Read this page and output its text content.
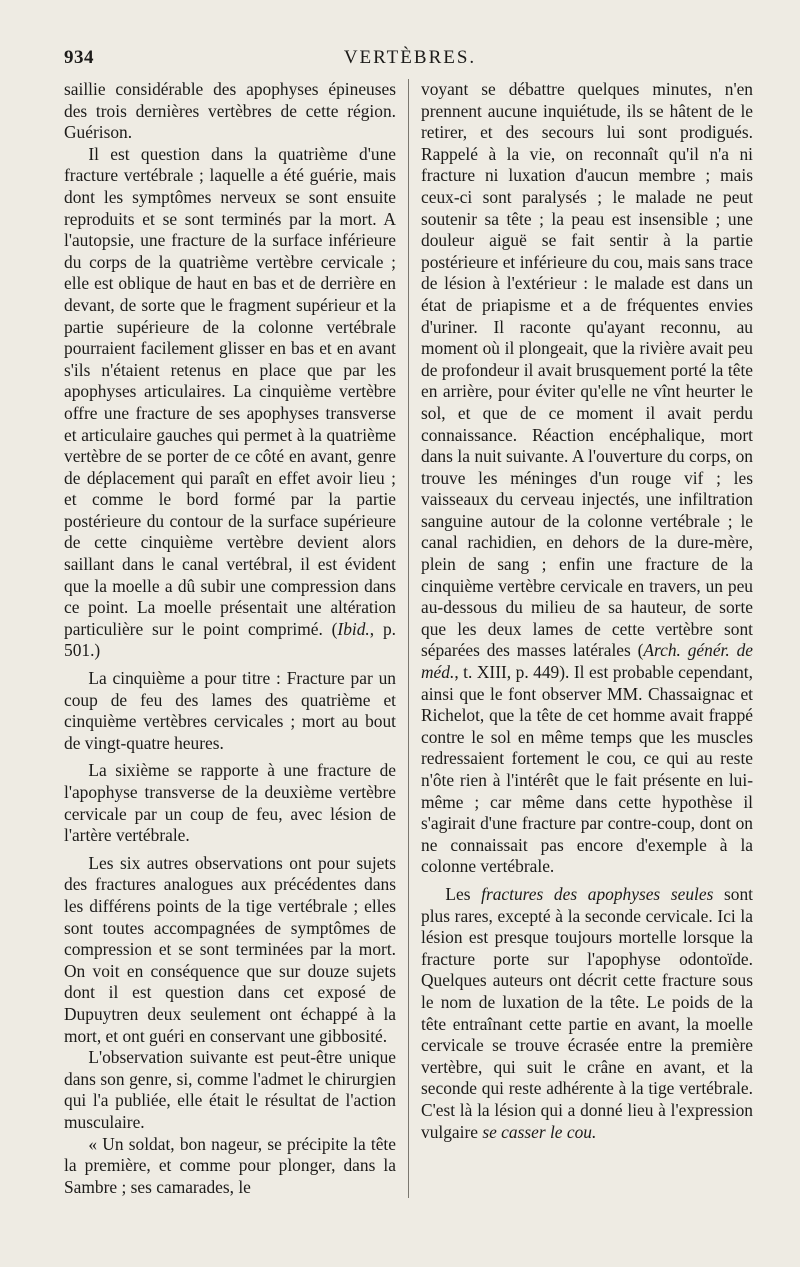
934	VERTÈBRES.

saillie considérable des apophyses épineuses des trois dernières vertèbres de cette région. Guérison.

Il est question dans la quatrième d'une fracture vertébrale ; laquelle a été guérie, mais dont les symptômes nerveux se sont ensuite reproduits et se sont terminés par la mort. A l'autopsie, une fracture de la surface inférieure du corps de la quatrième vertèbre cervicale ; elle est oblique de haut en bas et de derrière en devant, de sorte que le fragment supérieur et la partie supérieure de la colonne vertébrale pourraient facilement glisser en bas et en avant s'ils n'étaient retenus en place que par les apophyses articulaires. La cinquième vertèbre offre une fracture de ses apophyses transverse et articulaire gauches qui permet à la quatrième vertèbre de se porter de ce côté en avant, genre de déplacement qui paraît en effet avoir lieu ; et comme le bord formé par la partie postérieure du contour de la surface supérieure de cette cinquième vertèbre devient alors saillant dans le canal vertébral, il est évident que la moelle a dû subir une compression dans ce point. La moelle présentait une altération particulière sur le point comprimé. (Ibid., p. 501.)

La cinquième a pour titre : Fracture par un coup de feu des lames des quatrième et cinquième vertèbres cervicales ; mort au bout de vingt-quatre heures.

La sixième se rapporte à une fracture de l'apophyse transverse de la deuxième vertèbre cervicale par un coup de feu, avec lésion de l'artère vertébrale.

Les six autres observations ont pour sujets des fractures analogues aux précédentes dans les différens points de la tige vertébrale ; elles sont toutes accompagnées de symptômes de compression et se sont terminées par la mort. On voit en conséquence que sur douze sujets dont il est question dans cet exposé de Dupuytren deux seulement ont échappé à la mort, et ont guéri en conservant une gibbosité.

L'observation suivante est peut-être unique dans son genre, si, comme l'admet le chirurgien qui l'a publiée, elle était le résultat de l'action musculaire.

« Un soldat, bon nageur, se précipite la tête la première, et comme pour plonger, dans la Sambre ; ses camarades, le

voyant se débattre quelques minutes, n'en prennent aucune inquiétude, ils se hâtent de le retirer, et des secours lui sont prodigués. Rappelé à la vie, on reconnaît qu'il n'a ni fracture ni luxation d'aucun membre ; mais ceux-ci sont paralysés ; le malade ne peut soutenir sa tête ; la peau est insensible ; une douleur aiguë se fait sentir à la partie postérieure et inférieure du cou, mais sans trace de lésion à l'extérieur : le malade est dans un état de priapisme et a de fréquentes envies d'uriner. Il raconte qu'ayant reconnu, au moment où il plongeait, que la rivière avait peu de profondeur il avait brusquement porté la tête en arrière, pour éviter qu'elle ne vînt heurter le sol, et que de ce moment il avait perdu connaissance. Réaction encéphalique, mort dans la nuit suivante. A l'ouverture du corps, on trouve les méninges d'un rouge vif ; les vaisseaux du cerveau injectés, une infiltration sanguine autour de la colonne vertébrale ; le canal rachidien, en dehors de la dure-mère, plein de sang ; enfin une fracture de la cinquième vertèbre cervicale en travers, un peu au-dessous du milieu de sa hauteur, de sorte que les deux lames de cette vertèbre sont séparées des masses latérales (Arch. génér. de méd., t. XIII, p. 449). Il est probable cependant, ainsi que le font observer MM. Chassaignac et Richelot, que la tête de cet homme avait frappé contre le sol en même temps que les muscles redressaient fortement le cou, ce qui au reste n'ôte rien à l'intérêt que le fait présente en lui-même ; car même dans cette hypothèse il s'agirait d'une fracture par contre-coup, dont on ne connaissait pas encore d'exemple à la colonne vertébrale.

Les fractures des apophyses seules sont plus rares, excepté à la seconde cervicale. Ici la lésion est presque toujours mortelle lorsque la fracture porte sur l'apophyse odontoïde. Quelques auteurs ont décrit cette fracture sous le nom de luxation de la tête. Le poids de la tête entraînant cette partie en avant, la moelle cervicale se trouve écrasée entre la première vertèbre, qui suit le crâne en avant, et la seconde qui reste adhérente à la tige vertébrale. C'est là la lésion qui a donné lieu à l'expression vulgaire se casser le cou.
